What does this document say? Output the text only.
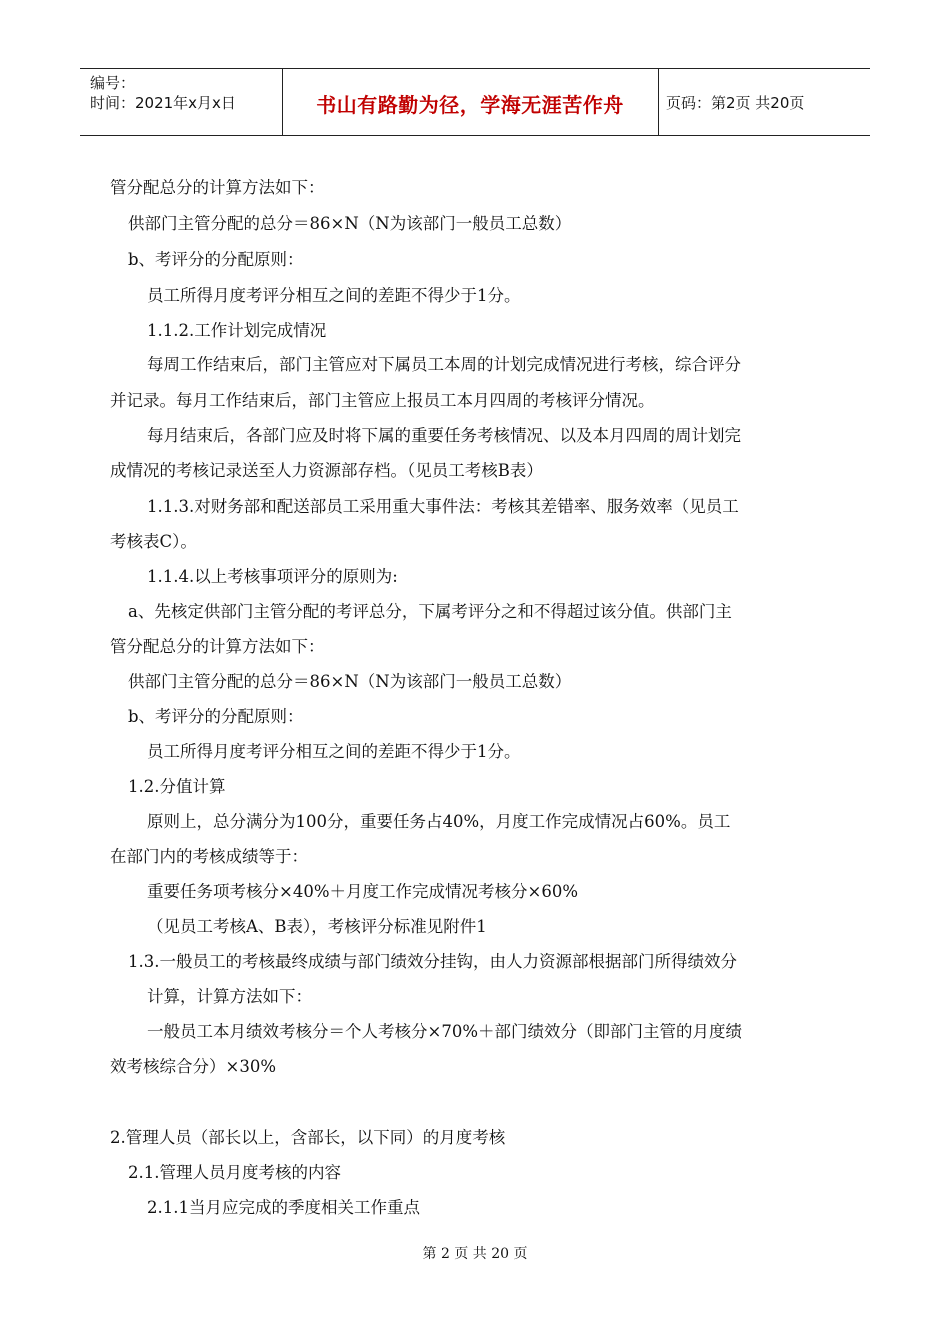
编号：
时间：2021年x月x日	书山有路勤为径，学海无涯苦作舟	页码：第2页 共20页
管分配总分的计算方法如下：
供部门主管分配的总分＝86×N（N为该部门一般员工总数）
b、考评分的分配原则：
员工所得月度考评分相互之间的差距不得少于1分。
1.1.2.工作计划完成情况
每周工作结束后，部门主管应对下属员工本周的计划完成情况进行考核，综合评分
并记录。每月工作结束后，部门主管应上报员工本月四周的考核评分情况。
每月结束后，各部门应及时将下属的重要任务考核情况、以及本月四周的周计划完
成情况的考核记录送至人力资源部存档。（见员工考核B表）
1.1.3.对财务部和配送部员工采用重大事件法：考核其差错率、服务效率（见员工
考核表C）。
1.1.4.以上考核事项评分的原则为:
a、先核定供部门主管分配的考评总分，下属考评分之和不得超过该分值。供部门主
管分配总分的计算方法如下：
供部门主管分配的总分＝86×N（N为该部门一般员工总数）
b、考评分的分配原则：
员工所得月度考评分相互之间的差距不得少于1分。
1.2.分值计算
原则上，总分满分为100分，重要任务占40%，月度工作完成情况占60%。员工
在部门内的考核成绩等于：
重要任务项考核分×40%＋月度工作完成情况考核分×60%
（见员工考核A、B表），考核评分标准见附件1
1.3.一般员工的考核最终成绩与部门绩效分挂钩，由人力资源部根据部门所得绩效分
计算，计算方法如下：
一般员工本月绩效考核分＝个人考核分×70%＋部门绩效分（即部门主管的月度绩
效考核综合分）×30%
2.管理人员（部长以上，含部长，以下同）的月度考核
2.1.管理人员月度考核的内容
2.1.1当月应完成的季度相关工作重点
第 2 页 共 20 页
